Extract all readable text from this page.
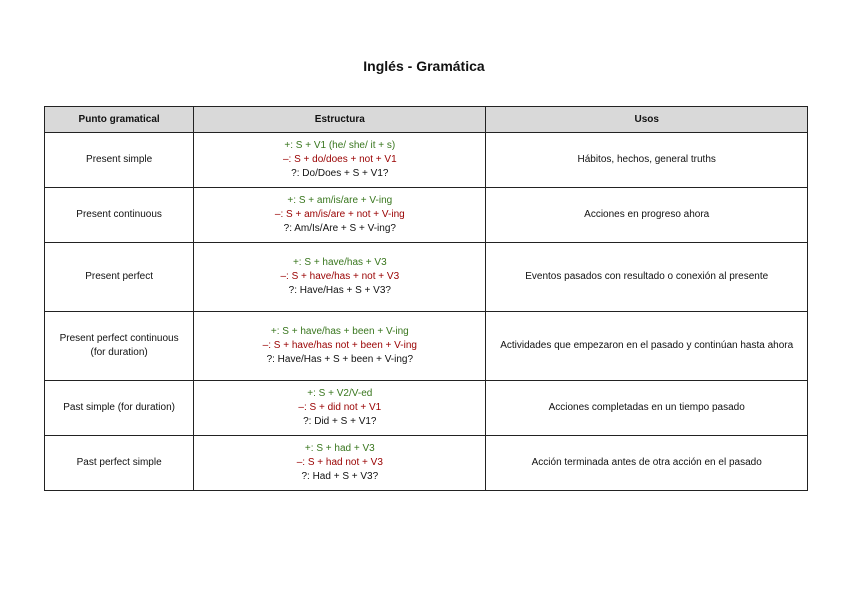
Inglés - Gramática
Punto gramatical	Estructura	Usos
Present simple	+: S + V1 (he/ she/ it + s)
–: S + do/does + not + V1
?: Do/Does + S + V1?	Hábitos, hechos, general truths
Present continuous	+: S + am/is/are + V-ing
–: S + am/is/are + not + V-ing
?: Am/Is/Are + S + V-ing?	Acciones en progreso ahora
Present perfect	+: S + have/has + V3
–: S + have/has + not + V3
?: Have/Has + S + V3?	Eventos pasados con resultado o conexión al presente
Present perfect continuous (for duration)	+: S + have/has + been + V-ing
–: S + have/has not + been + V-ing
?: Have/Has + S + been + V-ing?	Actividades que empezaron en el pasado y continúan hasta ahora
Past simple (for duration)	+: S + V2/V-ed
–: S + did not + V1
?: Did + S + V1?	Acciones completadas en un tiempo pasado
Past perfect simple	+: S + had + V3
–: S + had not + V3
?: Had + S + V3?	Acción terminada antes de otra acción en el pasado
